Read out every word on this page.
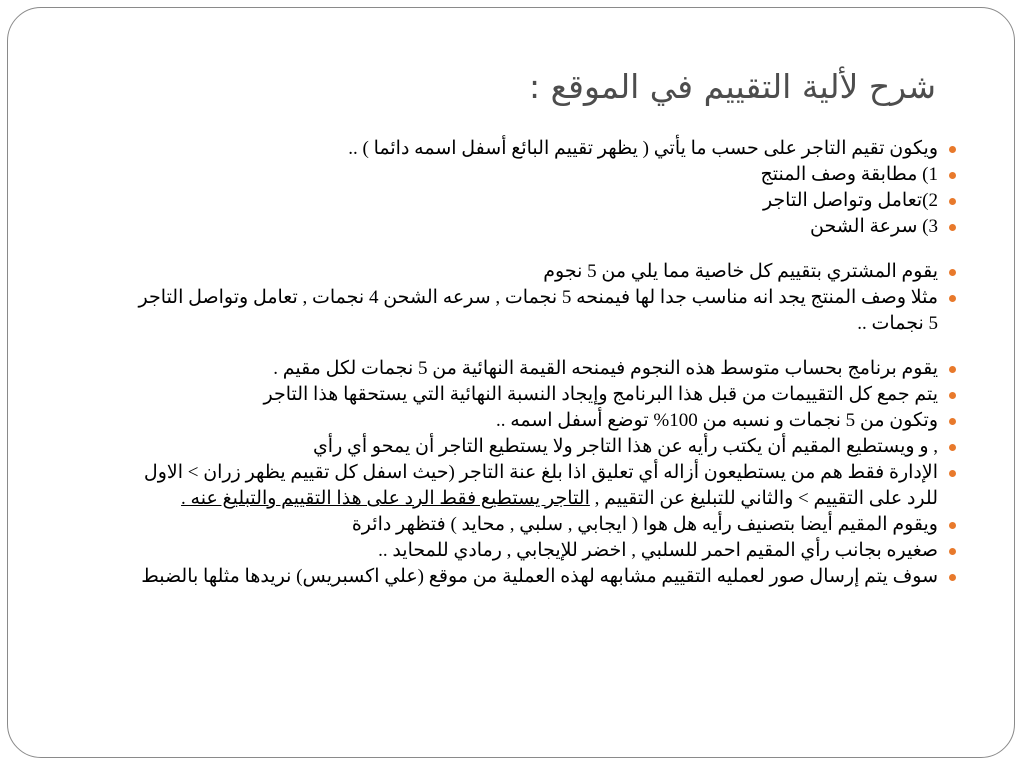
شرح لألية التقييم في الموقع :
ويكون تقيم التاجر على حسب ما يأتي ( يظهر تقييم البائع أسفل اسمه دائما ) ..
1) مطابقة وصف المنتج
2)تعامل وتواصل التاجر
3) سرعة الشحن
يقوم المشتري بتقييم كل خاصية مما يلي من 5 نجوم
مثلا وصف المنتج يجد انه مناسب جدا لها فيمنحه 5 نجمات , سرعه الشحن 4 نجمات , تعامل وتواصل التاجر 5 نجمات ..
يقوم برنامج بحساب متوسط هذه النجوم فيمنحه القيمة النهائية من 5 نجمات لكل مقيم .
يتم جمع كل التقييمات من قبل هذا البرنامج وإيجاد النسبة النهائية التي يستحقها هذا التاجر
وتكون من 5 نجمات و نسبه من 100% توضع أسفل اسمه ..
, و ويستطيع المقيم أن يكتب رأيه عن هذا التاجر ولا يستطيع التاجر أن يمحو أي رأي
الإدارة فقط هم من يستطيعون أزاله أي تعليق اذا بلغ عنة التاجر (حيث اسفل كل تقييم يظهر زران > الاول للرد على التقييم > والثاني للتبليغ عن التقييم , التاجر يستطيع فقط الرد على هذا التقييم والتبليغ عنه .
ويقوم المقيم أيضا بتصنيف رأيه هل هوا ( ايجابي , سلبي , محايد ) فتظهر دائرة
صغيره بجانب رأي المقيم احمر للسلبي , اخضر للإيجابي , رمادي للمحايد ..
سوف يتم إرسال صور لعمليه التقييم مشابهه لهذه العملية من موقع (علي اكسبريس) نريدها مثلها بالضبط
